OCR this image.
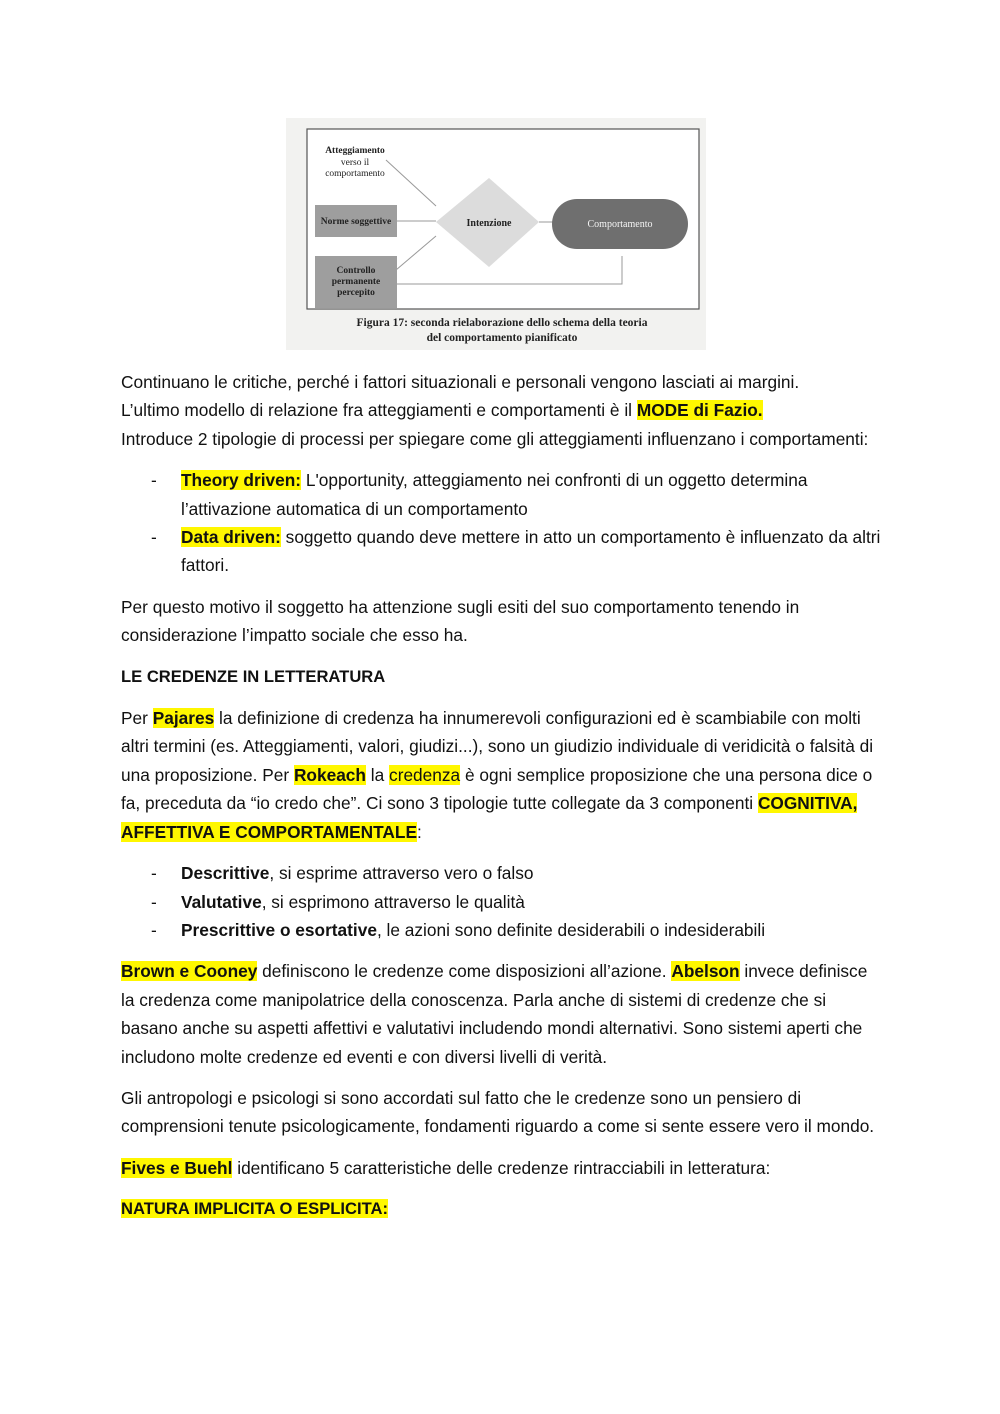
Atteggiamento
verso il
comportamento
Norme soggettive
Controllo
permanente
percepito
Intenzione	Comportamento
Figura 17: seconda rielaborazione dello schema della teoria
del comportamento pianificato

Continuano le critiche, perché i fattori situazionali e personali vengono lasciati ai margini.
L’ultimo modello di relazione fra atteggiamenti e comportamenti è il MODE di Fazio.
Introduce 2 tipologie di processi per spiegare come gli atteggiamenti influenzano i comportamenti:

- Theory driven: L'opportunity, atteggiamento nei confronti di un oggetto determina l’attivazione automatica di un comportamento
- Data driven: soggetto quando deve mettere in atto un comportamento è influenzato da altri fattori.

Per questo motivo il soggetto ha attenzione sugli esiti del suo comportamento tenendo in considerazione l’impatto sociale che esso ha.

LE CREDENZE IN LETTERATURA

Per Pajares la definizione di credenza ha innumerevoli configurazioni ed è scambiabile con molti altri termini (es. Atteggiamenti, valori, giudizi...), sono un giudizio individuale di veridicità o falsità di una proposizione. Per Rokeach la credenza è ogni semplice proposizione che una persona dice o fa, preceduta da “io credo che”. Ci sono 3 tipologie tutte collegate da 3 componenti COGNITIVA, AFFETTIVA E COMPORTAMENTALE:

- Descrittive, si esprime attraverso vero o falso
- Valutative, si esprimono attraverso le qualità
- Prescrittive o esortative, le azioni sono definite desiderabili o indesiderabili

Brown e Cooney definiscono le credenze come disposizioni all’azione. Abelson invece definisce la credenza come manipolatrice della conoscenza. Parla anche di sistemi di credenze che si basano anche su aspetti affettivi e valutativi includendo mondi alternativi. Sono sistemi aperti che includono molte credenze ed eventi e con diversi livelli di verità.

Gli antropologi e psicologi si sono accordati sul fatto che le credenze sono un pensiero di comprensioni tenute psicologicamente, fondamenti riguardo a come si sente essere vero il mondo.

Fives e Buehl identificano 5 caratteristiche delle credenze rintracciabili in letteratura:

NATURA IMPLICITA O ESPLICITA:
